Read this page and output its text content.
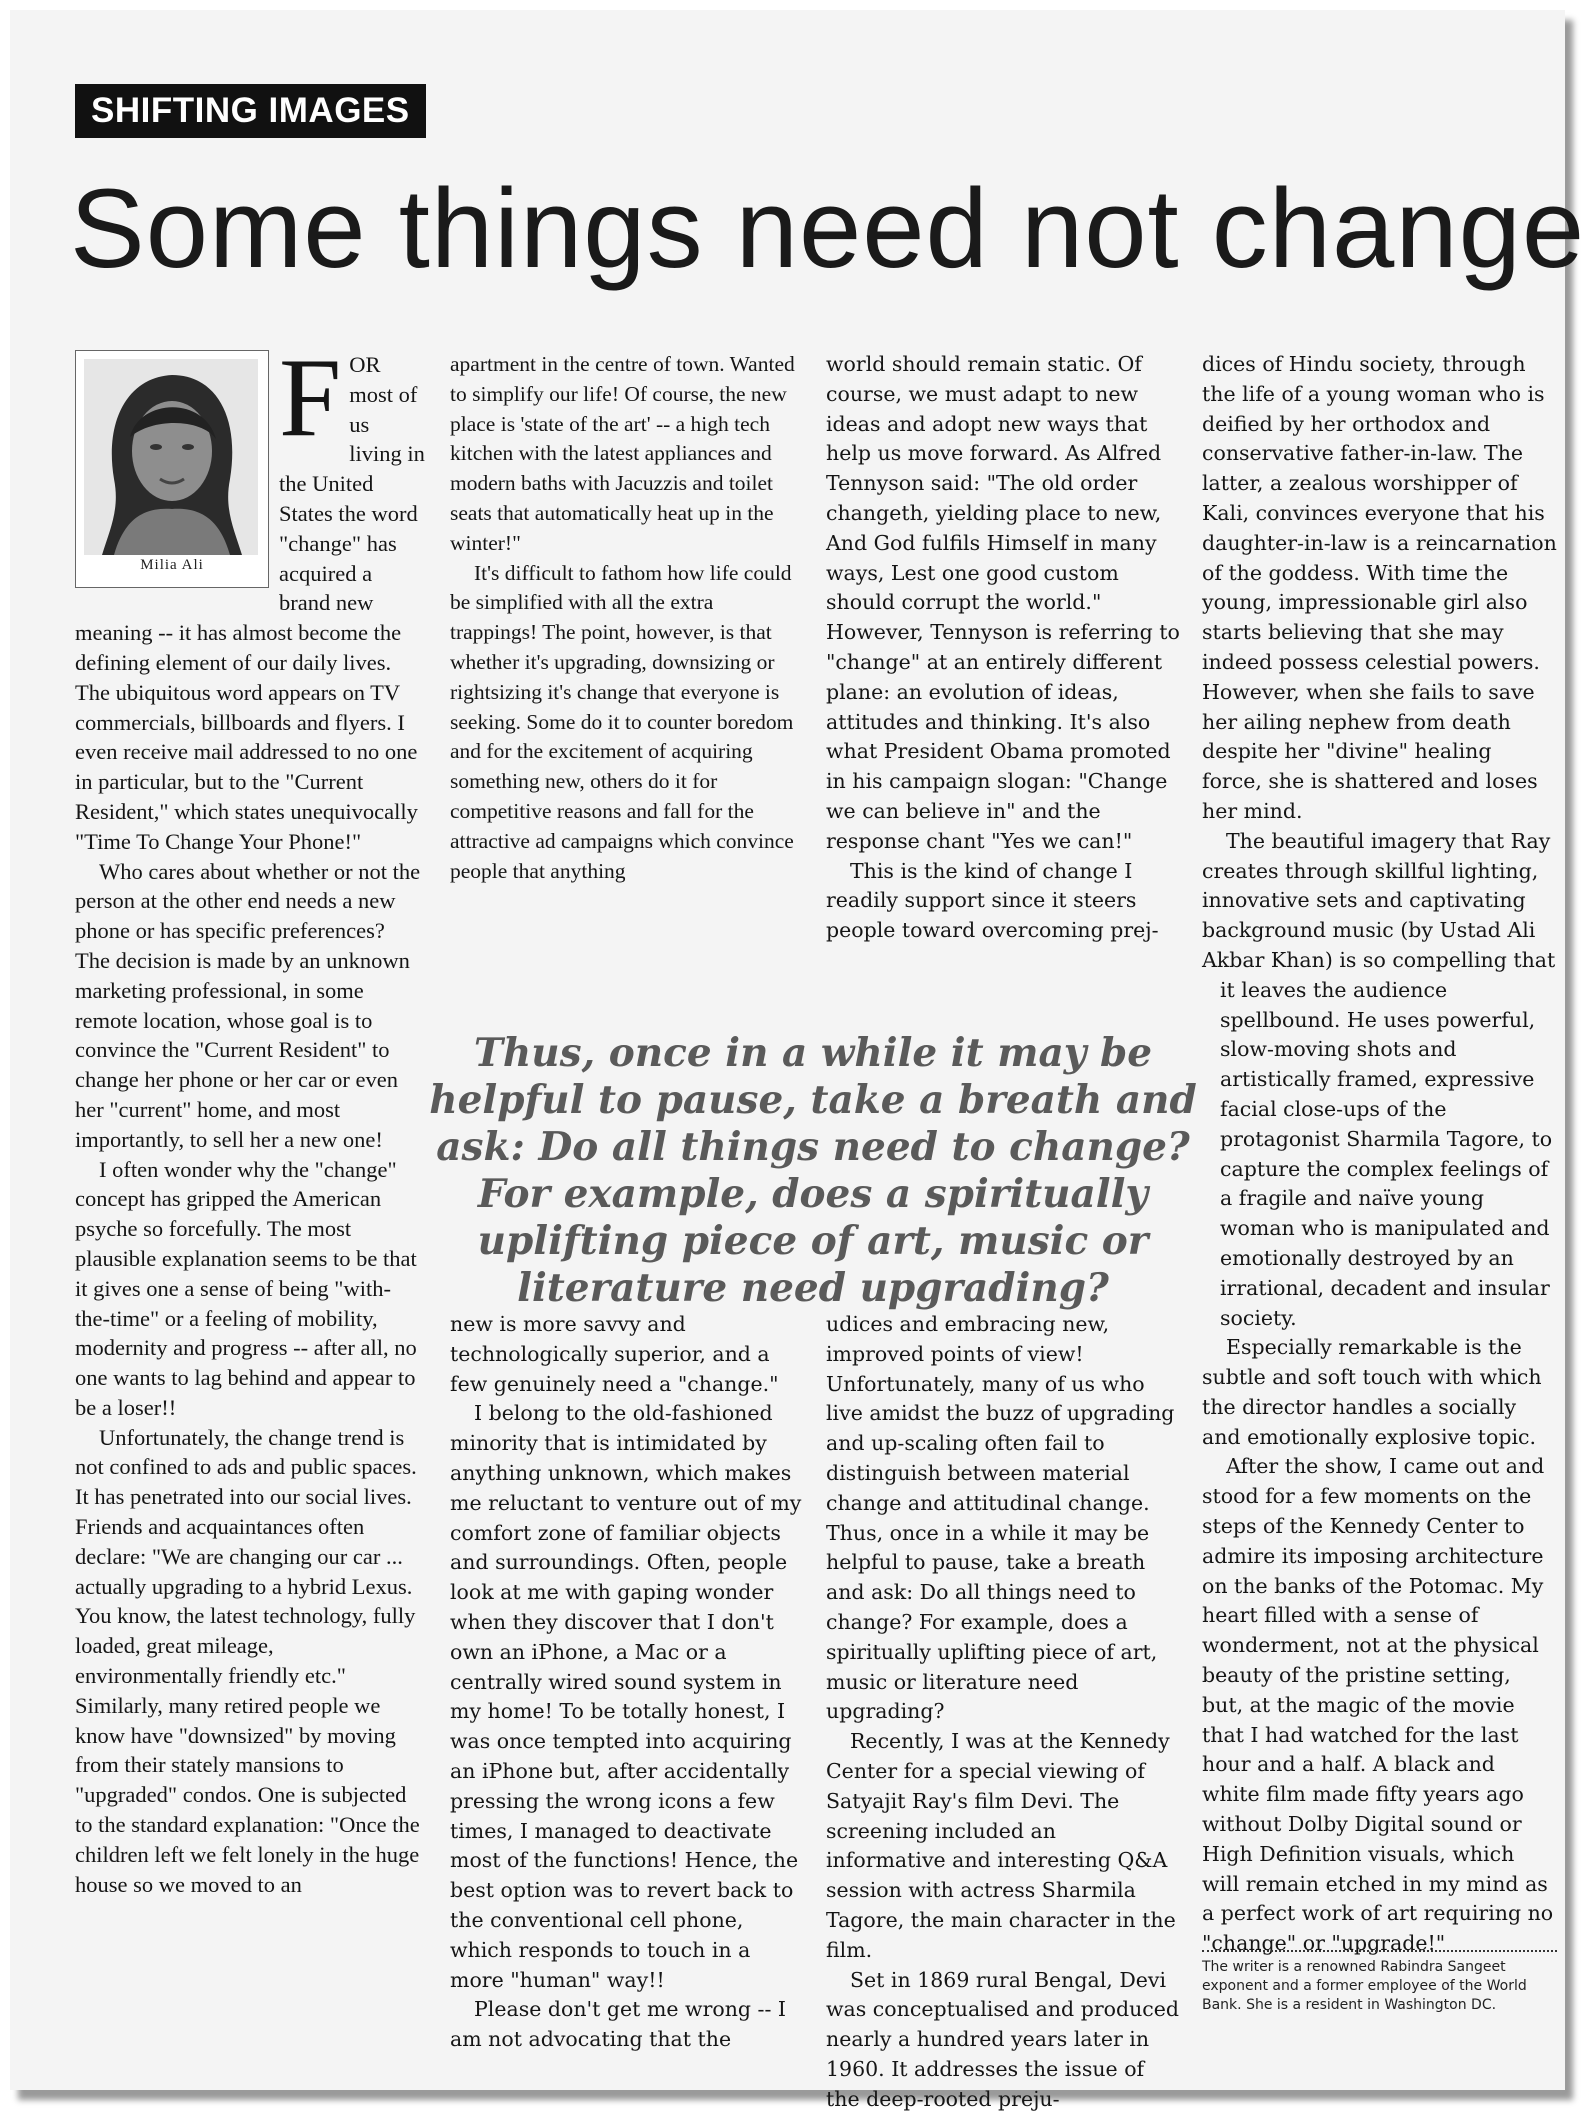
SHIFTING IMAGES
Some things need not change
Milia Ali
F OR most of us living in the United States the word "change" has acquired a brand new meaning -- it has almost become the defining element of our daily lives. The ubiquitous word appears on TV commercials, billboards and flyers. I even receive mail addressed to no one in particular, but to the "Current Resident," which states unequivocally "Time To Change Your Phone!"

Who cares about whether or not the person at the other end needs a new phone or has specific preferences? The decision is made by an unknown marketing professional, in some remote location, whose goal is to convince the "Current Resident" to change her phone or her car or even her "current" home, and most importantly, to sell her a new one!

I often wonder why the "change" concept has gripped the American psyche so forcefully. The most plausible explanation seems to be that it gives one a sense of being "with-the-time" or a feeling of mobility, modernity and progress -- after all, no one wants to lag behind and appear to be a loser!!

Unfortunately, the change trend is not confined to ads and public spaces. It has penetrated into our social lives. Friends and acquaintances often declare: "We are changing our car ... actually upgrading to a hybrid Lexus. You know, the latest technology, fully loaded, great mileage, environmentally friendly etc." Similarly, many retired people we know have "downsized" by moving from their stately mansions to "upgraded" condos. One is subjected to the standard explanation: "Once the children left we felt lonely in the huge house so we moved to an

apartment in the centre of town. Wanted to simplify our life! Of course, the new place is 'state of the art' -- a high tech kitchen with the latest appliances and modern baths with Jacuzzis and toilet seats that automatically heat up in the winter!"

It's difficult to fathom how life could be simplified with all the extra trappings! The point, however, is that whether it's upgrading, downsizing or rightsizing it's change that everyone is seeking. Some do it to counter boredom and for the excitement of acquiring something new, others do it for competitive reasons and fall for the attractive ad campaigns which convince people that anything

world should remain static. Of course, we must adapt to new ideas and adopt new ways that help us move forward. As Alfred Tennyson said: "The old order changeth, yielding place to new, And God fulfils Himself in many ways, Lest one good custom should corrupt the world." However, Tennyson is referring to "change" at an entirely different plane: an evolution of ideas, attitudes and thinking. It's also what President Obama promoted in his campaign slogan: "Change we can believe in" and the response chant "Yes we can!"

This is the kind of change I readily support since it steers people toward overcoming prej-

Thus, once in a while it may be helpful to pause, take a breath and ask: Do all things need to change? For example, does a spiritually uplifting piece of art, music or literature need upgrading?

new is more savvy and technologically superior, and a few genuinely need a "change."

I belong to the old-fashioned minority that is intimidated by anything unknown, which makes me reluctant to venture out of my comfort zone of familiar objects and surroundings. Often, people look at me with gaping wonder when they discover that I don't own an iPhone, a Mac or a centrally wired sound system in my home! To be totally honest, I was once tempted into acquiring an iPhone but, after accidentally pressing the wrong icons a few times, I managed to deactivate most of the functions! Hence, the best option was to revert back to the conventional cell phone, which responds to touch in a more "human" way!!

Please don't get me wrong -- I am not advocating that the

udices and embracing new, improved points of view! Unfortunately, many of us who live amidst the buzz of upgrading and up-scaling often fail to distinguish between material change and attitudinal change. Thus, once in a while it may be helpful to pause, take a breath and ask: Do all things need to change? For example, does a spiritually uplifting piece of art, music or literature need upgrading?

Recently, I was at the Kennedy Center for a special viewing of Satyajit Ray's film Devi. The screening included an informative and interesting Q&A session with actress Sharmila Tagore, the main character in the film.

Set in 1869 rural Bengal, Devi was conceptualised and produced nearly a hundred years later in 1960. It addresses the issue of the deep-rooted preju-

dices of Hindu society, through the life of a young woman who is deified by her orthodox and conservative father-in-law. The latter, a zealous worshipper of Kali, convinces everyone that his daughter-in-law is a reincarnation of the goddess. With time the young, impressionable girl also starts believing that she may indeed possess celestial powers. However, when she fails to save her ailing nephew from death despite her "divine" healing force, she is shattered and loses her mind.

The beautiful imagery that Ray creates through skillful lighting, innovative sets and captivating background music (by Ustad Ali Akbar Khan) is so compelling that

it leaves the audience spellbound. He uses powerful, slow-moving shots and artistically framed, expressive facial close-ups of the protagonist Sharmila Tagore, to capture the complex feelings of a fragile and naïve young woman who is manipulated and emotionally destroyed by an irrational, decadent and insular society.

Especially remarkable is the subtle and soft touch with which the director handles a socially and emotionally explosive topic.

After the show, I came out and stood for a few moments on the steps of the Kennedy Center to admire its imposing architecture on the banks of the Potomac. My heart filled with a sense of wonderment, not at the physical beauty of the pristine setting, but, at the magic of the movie that I had watched for the last hour and a half. A black and white film made fifty years ago without Dolby Digital sound or High Definition visuals, which will remain etched in my mind as a perfect work of art requiring no "change" or "upgrade!"

The writer is a renowned Rabindra Sangeet exponent and a former employee of the World Bank. She is a resident in Washington DC.
